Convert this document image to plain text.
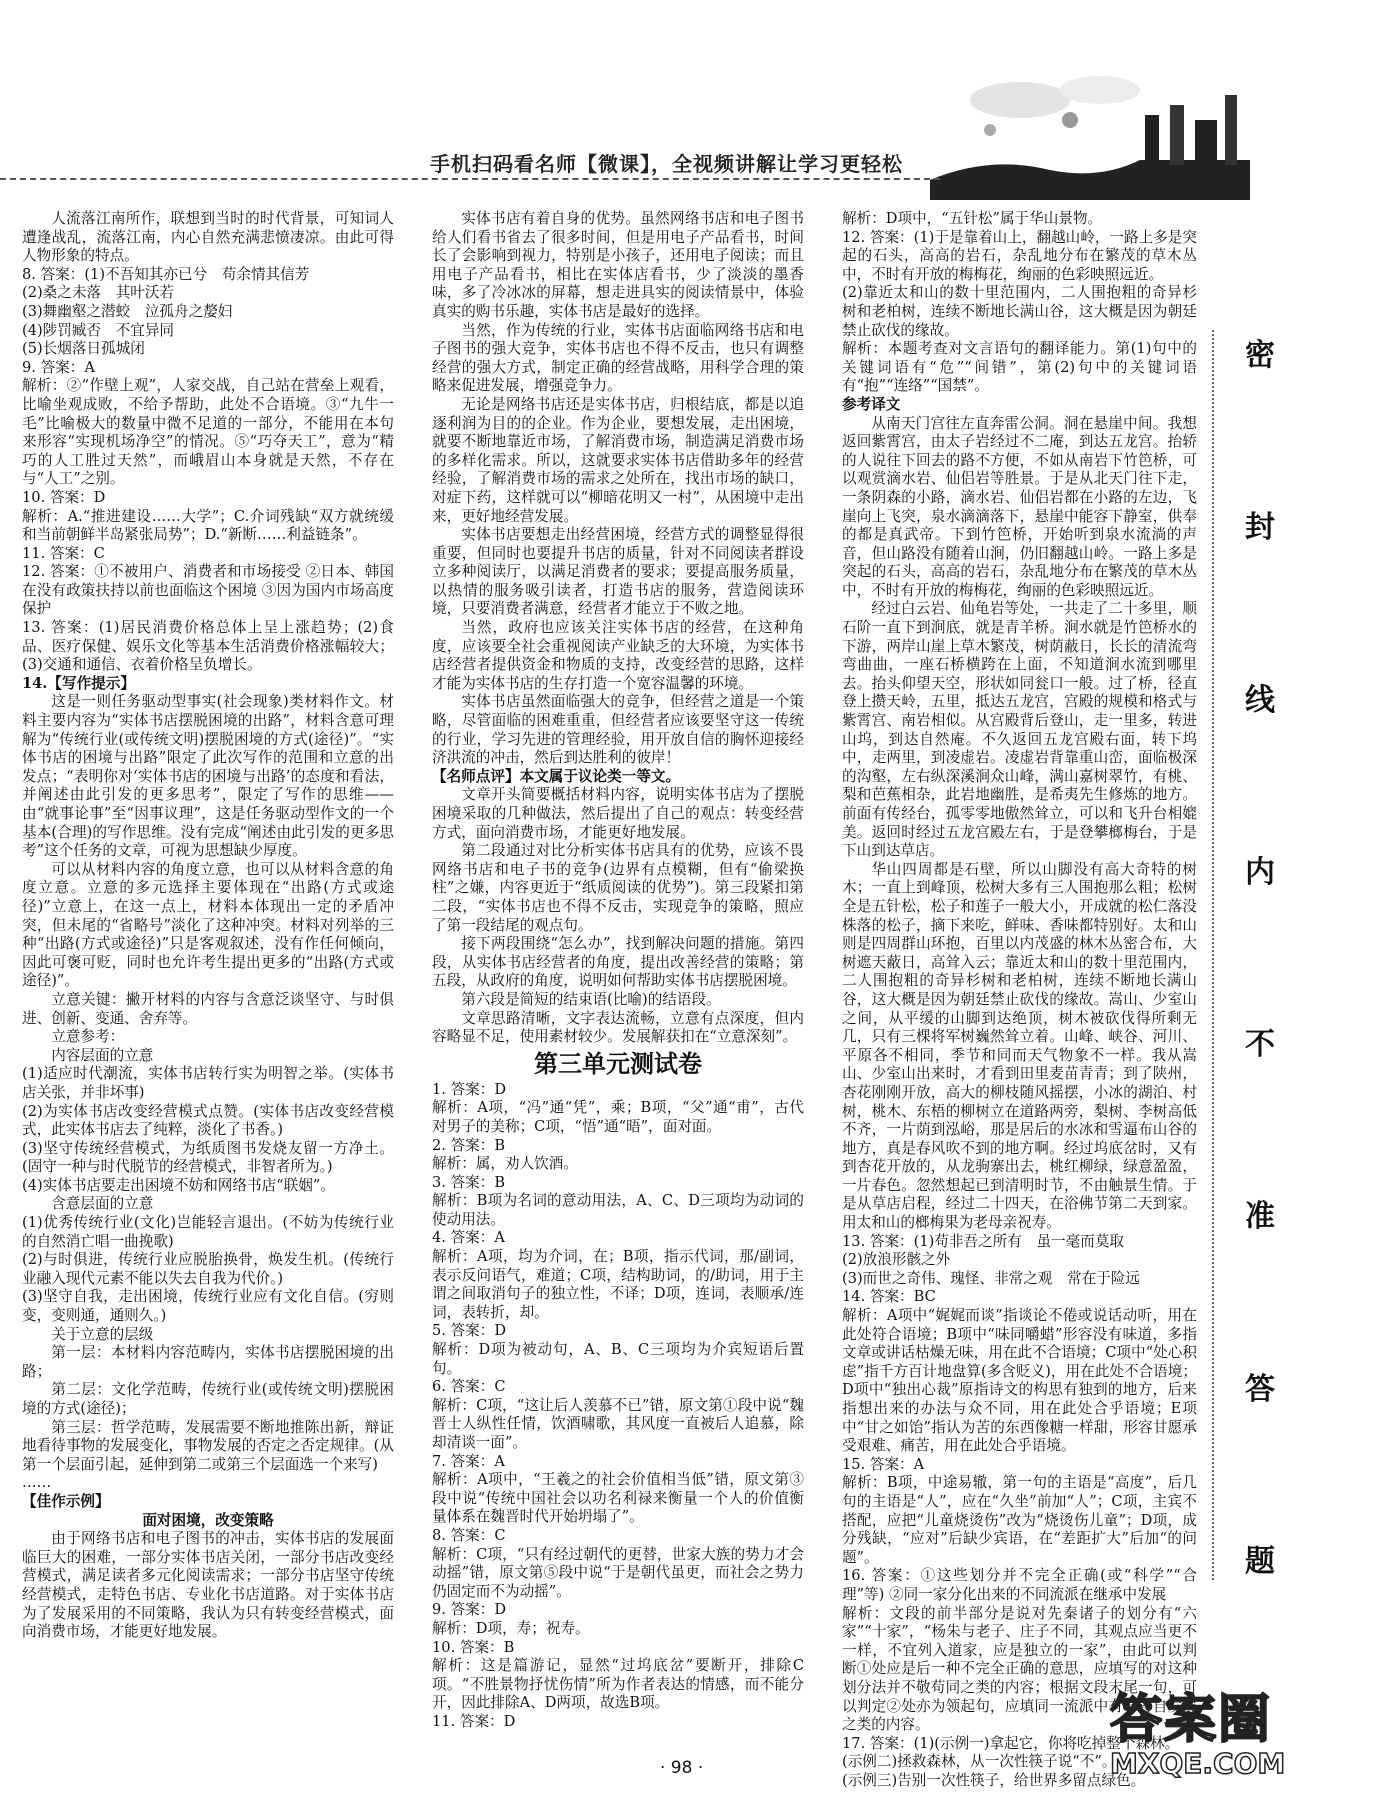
手机扫码看名师【微课】，全视频讲解让学习更轻松

人流落江南所作，联想到当时的时代背景，可知词人遭逢战乱，流落江南，内心自然充满悲愤凄凉。由此可得人物形象的特点。

8. 答案：(1)不吾知其亦已兮　苟余情其信芳

(2)桑之未落　其叶沃若

(3)舞幽壑之潜蛟　泣孤舟之嫠妇

(4)陟罚臧否　不宜异同

(5)长烟落日孤城闭

9. 答案：A

解析：②“作壁上观”，人家交战，自己站在营垒上观看，比喻坐观成败，不给予帮助，此处不合语境。③“九牛一毛”比喻极大的数量中微不足道的一部分，不能用在本句来形容“实现机场净空”的情况。⑤“巧夺天工”，意为“精巧的人工胜过天然”，而峨眉山本身就是天然，不存在与“人工”之别。

10. 答案：D

解析：A.“推进建设……大学”；C.介词残缺“双方就统缓和当前朝鲜半岛紧张局势”；D.“新断……利益链条”。

11. 答案：C

12. 答案：①不被用户、消费者和市场接受 ②日本、韩国在没有政策扶持以前也面临这个困境 ③因为国内市场高度保护

13. 答案：(1)居民消费价格总体上呈上涨趋势；(2)食品、医疗保健、娱乐文化等基本生活消费价格涨幅较大；(3)交通和通信、衣着价格呈负增长。

14.【写作提示】

这是一则任务驱动型事实(社会现象)类材料作文。材料主要内容为“实体书店摆脱困境的出路”，材料含意可理解为“传统行业(或传统文明)摆脱困境的方式(途径)”。“实体书店的困境与出路”限定了此次写作的范围和立意的出发点；“表明你对‘实体书店的困境与出路’的态度和看法，并阐述由此引发的更多思考”，限定了写作的思维——由“就事论事”至“因事议理”，这是任务驱动型作文的一个基本(合理)的写作思维。没有完成“阐述由此引发的更多思考”这个任务的文章，可视为思想缺少厚度。

可以从材料内容的角度立意，也可以从材料含意的角度立意。立意的多元选择主要体现在“出路(方式或途径)”立意上，在这一点上，材料本体现出一定的矛盾冲突，但未尾的“省略号”淡化了这种冲突。材料对列举的三种“出路(方式或途径)”只是客观叙述，没有作任何倾向，因此可褒可贬，同时也允许考生提出更多的“出路(方式或途径)”。

立意关键：撇开材料的内容与含意泛谈坚守、与时俱进、创新、变通、舍弃等。

立意参考：

内容层面的立意

(1)适应时代潮流，实体书店转行实为明智之举。(实体书店关张，并非坏事)

(2)为实体书店改变经营模式点赞。(实体书店改变经营模式，此实体书店去了纯粹，淡化了书香。)

(3)坚守传统经营模式，为纸质图书发烧友留一方净土。(固守一种与时代脱节的经营模式，非智者所为。)

(4)实体书店要走出困境不妨和网络书店“联姻”。

含意层面的立意

(1)优秀传统行业(文化)岂能轻言退出。(不妨为传统行业的自然消亡唱一曲挽歌)

(2)与时俱进，传统行业应脱胎换骨，焕发生机。(传统行业融入现代元素不能以失去自我为代价。)

(3)坚守自我，走出困境，传统行业应有文化自信。(穷则变，变则通，通则久。)

关于立意的层级

第一层：本材料内容范畴内，实体书店摆脱困境的出路；

第二层：文化学范畴，传统行业(或传统文明)摆脱困境的方式(途径)；

第三层：哲学范畴，发展需要不断地推陈出新，辩证地看待事物的发展变化，事物发展的否定之否定规律。(从第一个层面引起，延伸到第二或第三个层面选一个来写)

……

【佳作示例】

面对困境，改变策略

由于网络书店和电子图书的冲击，实体书店的发展面临巨大的困难，一部分实体书店关闭，一部分书店改变经营模式，满足读者多元化阅读需求；一部分书店坚守传统经营模式，走特色书店、专业化书店道路。对于实体书店为了发展采用的不同策略，我认为只有转变经营模式，面向消费市场，才能更好地发展。

实体书店有着自身的优势。虽然网络书店和电子图书给人们看书省去了很多时间，但是用电子产品看书，时间长了会影响到视力，特别是小孩子，还用电子阅读；而且用电子产品看书，相比在实体店看书，少了淡淡的墨香味，多了冷冰冰的屏幕，想走进具实的阅读情景中，体验真实的购书乐趣，实体书店是最好的选择。

当然，作为传统的行业，实体书店面临网络书店和电子图书的强大竞争，实体书店也不得不反击，也只有调整经营的强大方式，制定正确的经营战略，用科学合理的策略来促进发展，增强竞争力。

无论是网络书店还是实体书店，归根结底，都是以追逐利润为目的的企业。作为企业，要想发展，走出困境，就要不断地靠近市场，了解消费市场，制造满足消费市场的多样化需求。所以，这就要求实体书店借助多年的经营经验，了解消费市场的需求之处所在，找出市场的缺口，对症下药，这样就可以“柳暗花明又一村”，从困境中走出来，更好地经营发展。

实体书店要想走出经营困境，经营方式的调整显得很重要，但同时也要提升书店的质量，针对不同阅读者群设立多种阅读厅，以满足消费者的要求；要提高服务质量，以热情的服务吸引读者，打造书店的服务，营造阅读环境，只要消费者满意，经营者才能立于不败之地。

当然，政府也应该关注实体书店的经营，在这种角度，应该要全社会重视阅读产业缺乏的大环境，为实体书店经营者提供资金和物质的支持，改变经营的思路，这样才能为实体书店的生存打造一个宽容温馨的环境。

实体书店虽然面临强大的竞争，但经营之道是一个策略，尽管面临的困难重重，但经营者应该要坚守这一传统的行业，学习先进的管理经验，用开放自信的胸怀迎接经济洪流的冲击，然后到达胜利的彼岸！

【名师点评】本文属于议论类一等文。

文章开头简要概括材料内容，说明实体书店为了摆脱困境采取的几种做法，然后提出了自己的观点：转变经营方式，面向消费市场，才能更好地发展。

第二段通过对比分析实体书店具有的优势，应该不畏网络书店和电子书的竞争(边界有点模糊，但有“偷梁换柱”之嫌，内容更近于“纸质阅读的优势”)。第三段紧扣第二段，“实体书店也不得不反击，实现竞争的策略，照应了第一段结尾的观点句。

接下两段围绕“怎么办”，找到解决问题的措施。第四段，从实体书店经营者的角度，提出改善经营的策略；第五段，从政府的角度，说明如何帮助实体书店摆脱困境。

第六段是简短的结束语(比喻)的结语段。

文章思路清晰，文字表达流畅，立意有点深度，但内容略显不足，使用素材较少。发展解获扣在“立意深刻”。

第三单元测试卷

1. 答案：D

解析：A项，“冯”通“凭”，乘；B项，“父”通“甫”，古代对男子的美称；C项，“悟”通“晤”，面对面。

2. 答案：B

解析：属，劝人饮酒。

3. 答案：B

解析：B项为名词的意动用法，A、C、D三项均为动词的使动用法。

4. 答案：A

解析：A项，均为介词，在；B项，指示代词，那/副词，表示反问语气，难道；C项，结构助词，的/助词，用于主谓之间取消句子的独立性，不译；D项，连词，表顺承/连词，表转折，却。

5. 答案：D

解析：D项为被动句，A、B、C三项均为介宾短语后置句。

6. 答案：C

解析：C项，“这让后人羡慕不已”错，原文第①段中说“魏晋士人纵性任情，饮酒啸歌，其风度一直被后人追慕，除却清谈一面”。

7. 答案：A

解析：A项中，“王羲之的社会价值相当低”错，原文第③段中说“传统中国社会以功名利禄来衡量一个人的价值衡量体系在魏晋时代开始坍塌了”。

8. 答案：C

解析：C项，“只有经过朝代的更替，世家大族的势力才会动摇”错，原文第⑤段中说“于是朝代虽更，而社会之势力仍固定而不为动摇”。

9. 答案：D

解析：D项，寿；祝寿。

10. 答案：B

解析：这是篇游记，显然“过坞底岔”要断开，排除C项。“不胜景物抒忧伤情”所为作者表达的情感，而不能分开，因此排除A、D两项，故选B项。

11. 答案：D

解析：D项中，“五针松”属于华山景物。

12. 答案：(1)于是靠着山上，翻越山岭，一路上多是突起的石头，高高的岩石，杂乱地分布在繁茂的草木丛中，不时有开放的梅梅花，绚丽的色彩映照远近。

(2)靠近太和山的数十里范围内，二人围抱粗的奇异杉树和老柏树，连续不断地长满山谷，这大概是因为朝廷禁止砍伐的缘故。

解析：本题考查对文言语句的翻译能力。第(1)句中的关键词语有“危”“间错”，第(2)句中的关键词语有“抱”“连络”“国禁”。

参考译文

从南天门宫往左直奔雷公洞。洞在悬崖中间。我想返回紫霄宫，由太子岩经过不二庵，到达五龙宫。抬轿的人说往下回去的路不方便，不如从南岩下竹笆桥，可以观赏滴水岩、仙侣岩等胜景。于是从北天门往下走，一条阴森的小路，滴水岩、仙侣岩都在小路的左边，飞崖向上飞突，泉水滴滴落下，悬崖中能容下静室，供奉的都是真武帝。下到竹笆桥，开始听到泉水流淌的声音，但山路没有随着山涧，仍旧翻越山岭。一路上多是突起的石头，高高的岩石，杂乱地分布在繁茂的草木丛中，不时有开放的梅梅花，绚丽的色彩映照远近。

经过白云岩、仙龟岩等处，一共走了二十多里，顺石阶一直下到涧底，就是青羊桥。涧水就是竹笆桥水的下游，两岸山崖上草木繁茂，树荫蔽日，长长的清流弯弯曲曲，一座石桥横跨在上面，不知道涧水流到哪里去。抬头仰望天空，形状如同瓮口一般。过了桥，径直登上攒天岭，五里，抵达五龙宫，宫殿的规模和格式与紫霄宫、南岩相似。从宫殿背后登山，走一里多，转进山坞，到达自然庵。不久返回五龙宫殿右面，转下坞中，走两里，到凌虚岩。凌虚岩背靠重山峦，面临极深的沟壑，左右纵深溪涧众山峰，满山嘉树翠竹，有桃、梨和芭蕉相杂，此岩地幽胜，是希夷先生修炼的地方。前面有传经台，孤零零地傲然耸立，可以和飞升台相媲美。返回时经过五龙宫殿左右，于是登攀榔梅台，于是下山到达草店。

华山四周都是石壁，所以山脚没有高大奇特的树木；一直上到峰顶，松树大多有三人围抱那么粗；松树全是五针松，松子和莲子一般大小，开成就的松仁落没株落的松子，摘下来吃，鲜味、香味都特别好。太和山则是四周群山环抱，百里以内茂盛的林木丛密合布，大树遮天蔽日，高耸入云；靠近太和山的数十里范围内，二人围抱粗的奇异杉树和老柏树，连续不断地长满山谷，这大概是因为朝廷禁止砍伐的缘故。嵩山、少室山之间，从平缓的山脚到达绝顶，树木被砍伐得所剩无几，只有三棵将军树巍然耸立着。山峰、峡谷、河川、平原各不相同，季节和同而天气物象不一样。我从嵩山、少室山出来时，才看到田里麦苗青青；到了陕州，杏花刚刚开放，高大的柳枝随风摇摆，小冰的湖泊、村树，桃木、东梧的柳树立在道路两旁，梨树、李树高低不齐，一片荫到泓峪，那是居后的水冰和雪逼布山谷的地方，真是春风吹不到的地方啊。经过坞底岔时，又有到杏花开放的，从龙驹寨出去，桃红柳绿，绿意盈盈，一片春色。忽然想起已到清明时节，不由触景生情。于是从草店启程，经过二十四天，在浴佛节第二天到家。用太和山的榔梅果为老母亲祝寿。

13. 答案：(1)苟非吾之所有　虽一毫而莫取

(2)放浪形骸之外

(3)而世之奇伟、瑰怪、非常之观　常在于险远

14. 答案：BC

解析：A项中“娓娓而谈”指谈论不倦或说话动听，用在此处符合语境；B项中“味同嚼蜡”形容没有味道，多指文章或讲话枯燥无味，用在此不合语境；C项中“处心积虑”指千方百计地盘算(多含贬义)，用在此处不合语境；D项中“独出心裁”原指诗文的构思有独到的地方，后来指想出来的办法与众不同，用在此处合乎语境；E项中“甘之如饴”指认为苦的东西像糖一样甜，形容甘愿承受艰难、痛苦，用在此处合乎语境。

15. 答案：A

解析：B项，中途易辙，第一句的主语是“高度”，后几句的主语是“人”，应在“久坐”前加“人”；C项，主宾不搭配，应把“儿童烧烫伤”改为“烧烫伤儿童”；D项，成分残缺，“应对”后缺少宾语，在“差距扩大”后加“的问题”。

16. 答案：①这些划分并不完全正确(或“科学”“合理”等) ②同一家分化出来的不同流派在继承中发展

解析：文段的前半部分是说对先秦诸子的划分有“六家”“十家”，“杨朱与老子、庄子不同，其观点应当更不一样，不宜列入道家，应是独立的一家”，由此可以判断①处应是后一种不完全正确的意思，应填写的对这种划分法并不敬苟同之类的内容；根据文段末尾一句，可以判定②处亦为领起句，应填同一流派中有着各自发展之类的内容。

17. 答案：(1)(示例一)拿起它，你将吃掉整个森林。

(示例二)拯救森林，从一次性筷子说“不”。

(示例三)告别一次性筷子，给世界多留点绿色。

密
封
线
内
不
准
答
题
· 98 ·
答案圈
MXQE.COM
